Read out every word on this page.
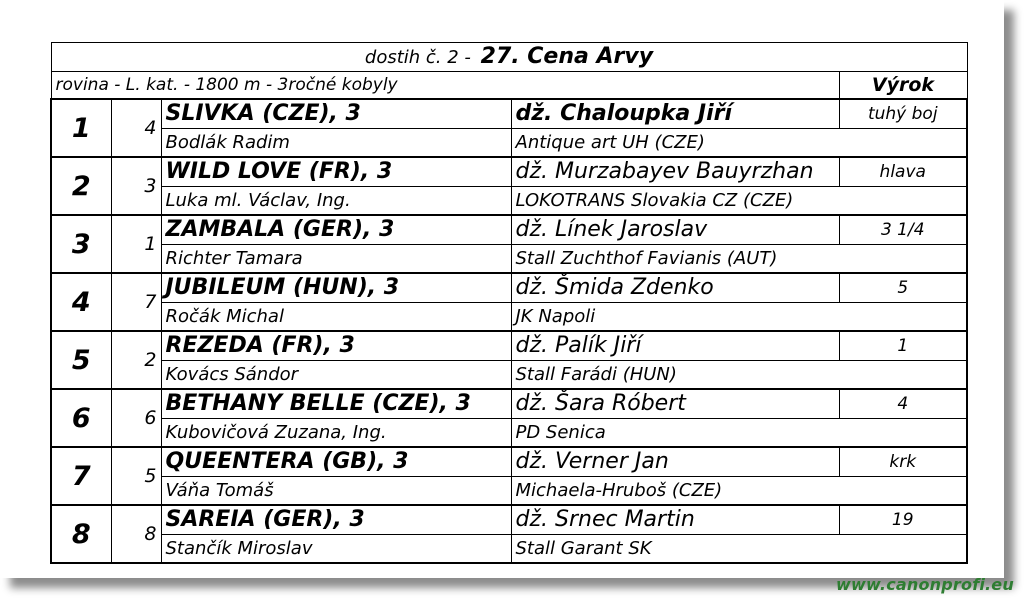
dostih č. 2 - 27. Cena Arvy				
rovina - L. kat. - 1800 m - 3ročné kobyly				Výrok
1	4	SLIVKA (CZE), 3	dž. Chaloupka Jiří	tuhý boj
		Bodlák Radim	Antique art UH (CZE)	
2	3	WILD LOVE (FR), 3	dž. Murzabayev Bauyrzhan	hlava
		Luka ml. Václav, Ing.	LOKOTRANS Slovakia CZ (CZE)	
3	1	ZAMBALA (GER), 3	dž. Línek Jaroslav	3 1/4
		Richter Tamara	Stall Zuchthof Favianis (AUT)	
4	7	JUBILEUM (HUN), 3	dž. Šmida Zdenko	5
		Ročák Michal	JK Napoli	
5	2	REZEDA (FR), 3	dž. Palík Jiří	1
		Kovács Sándor	Stall Farádi (HUN)	
6	6	BETHANY BELLE (CZE), 3	dž. Šara Róbert	4
		Kubovičová Zuzana, Ing.	PD Senica	
7	5	QUEENTERA (GB), 3	dž. Verner Jan	krk
		Váňa Tomáš	Michaela-Hruboš (CZE)	
8	8	SAREIA (GER), 3	dž. Srnec Martin	19
		Stančík Miroslav	Stall Garant SK	
www.canonprofi.eu
